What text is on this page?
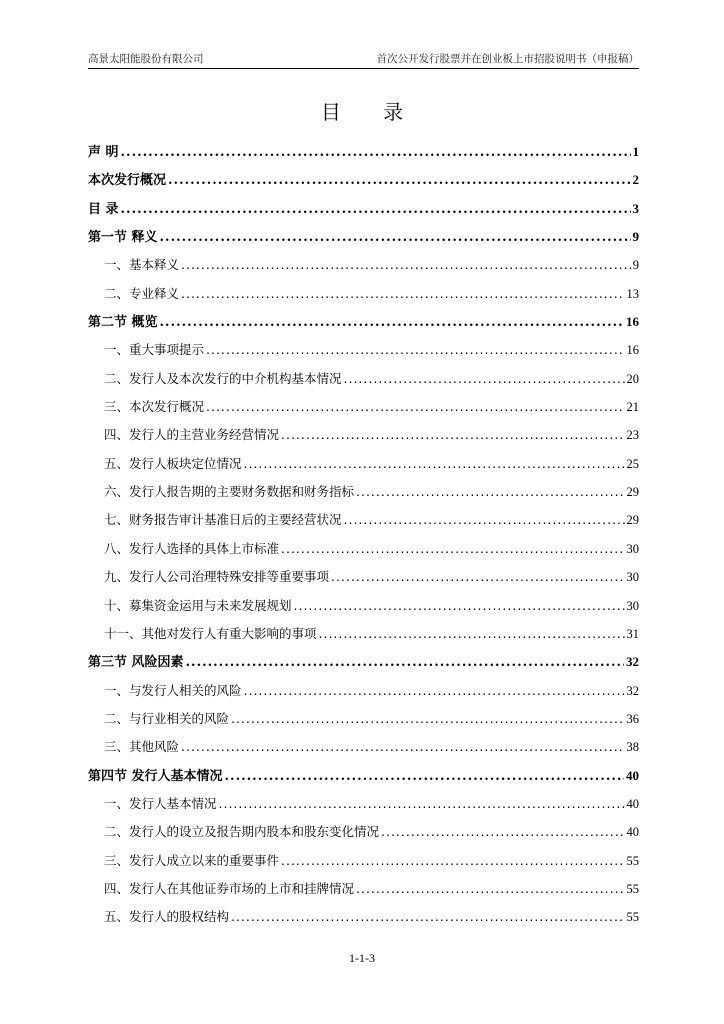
高景太阳能股份有限公司	首次公开发行股票并在创业板上市招股说明书（申报稿）
目 录
声 明 .....	1
本次发行概况 .....	2
目 录 .....	3
第一节 释义 .....	9
一、基本释义 .....	9
二、专业释义 .....	13
第二节 概览 .....	16
一、重大事项提示 .....	16
二、发行人及本次发行的中介机构基本情况 .....	20
三、本次发行概况 .....	21
四、发行人的主营业务经营情况 .....	23
五、发行人板块定位情况 .....	25
六、发行人报告期的主要财务数据和财务指标 .....	29
七、财务报告审计基准日后的主要经营状况 .....	29
八、发行人选择的具体上市标准 .....	30
九、发行人公司治理特殊安排等重要事项 .....	30
十、募集资金运用与未来发展规划 .....	30
十一、其他对发行人有重大影响的事项 .....	31
第三节 风险因素 .....	32
一、与发行人相关的风险 .....	32
二、与行业相关的风险 .....	36
三、其他风险 .....	38
第四节 发行人基本情况 .....	40
一、发行人基本情况 .....	40
二、发行人的设立及报告期内股本和股东变化情况 .....	40
三、发行人成立以来的重要事件 .....	55
四、发行人在其他证券市场的上市和挂牌情况 .....	55
五、发行人的股权结构 .....	55
1-1-3
